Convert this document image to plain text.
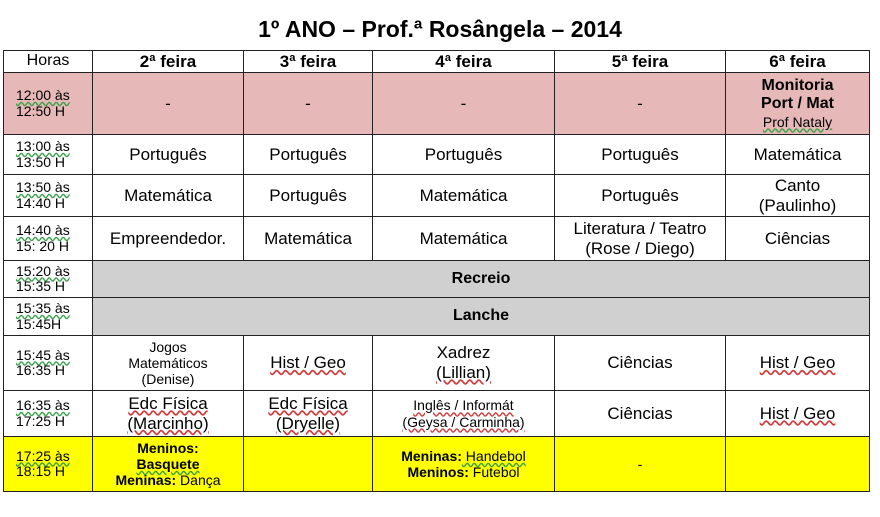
1º ANO – Prof.ª Rosângela – 2014
Horas	2ª feira	3ª feira	4ª feira	5ª feira	6ª feira

12:00 às
12:50 H	-	-	-	-	Monitoria
Port / Mat
Prof Nataly

13:00 às
13:50 H	Português	Português	Português	Português	Matemática

13:50 às
14:40 H	Matemática	Português	Matemática	Português	Canto
(Paulinho)

14:40 às
15: 20 H	Empreendedor.	Matemática	Matemática	Literatura / Teatro
(Rose / Diego)	Ciências

15:20 às
15:35 H	Recreio				

15:35 às
15:45H	Lanche				

15:45 às
16:35 H	Jogos
Matemáticos
(Denise)	Hist / Geo	Xadrez
(Lillian)	Ciências	Hist / Geo

16:35 às
17:25 H	Edc Física
(Marcinho)	Edc Física
(Dryelle)	Inglês / Informát
(Geysa / Carminha)	Ciências	Hist / Geo

17:25 às
18:15 H	Meninos:
Basquete
Meninas: Dança		Meninas: Handebol
Meninos: Futebol	-	
